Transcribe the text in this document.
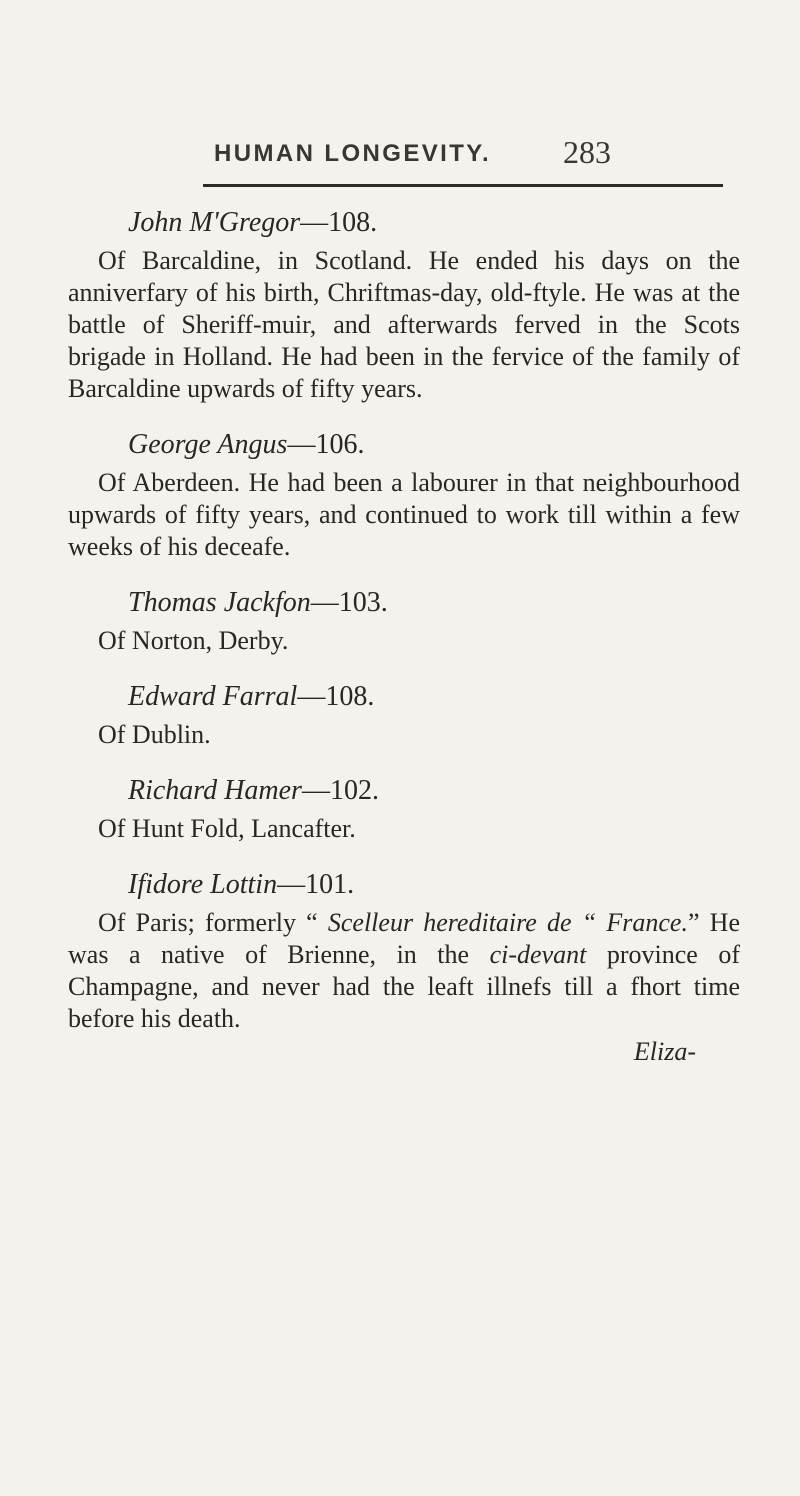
HUMAN LONGEVITY. 283
John M'Gregor—108.

Of Barcaldine, in Scotland. He ended his days on the anniverfary of his birth, Chriftmas-day, old-ftyle. He was at the battle of Sheriff-muir, and afterwards ferved in the Scots brigade in Holland. He had been in the fervice of the family of Barcaldine upwards of fifty years.

George Angus—106.

Of Aberdeen. He had been a labourer in that neighbourhood upwards of fifty years, and continued to work till within a few weeks of his deceafe.

Thomas Jackfon—103.

Of Norton, Derby.

Edward Farral—108.

Of Dublin.

Richard Hamer—102.

Of Hunt Fold, Lancafter.

Ifidore Lottin—101.

Of Paris; formerly “ Scelleur hereditaire de “ France.” He was a native of Brienne, in the ci-devant province of Champagne, and never had the leaft illnefs till a fhort time before his death.

Eliza-
